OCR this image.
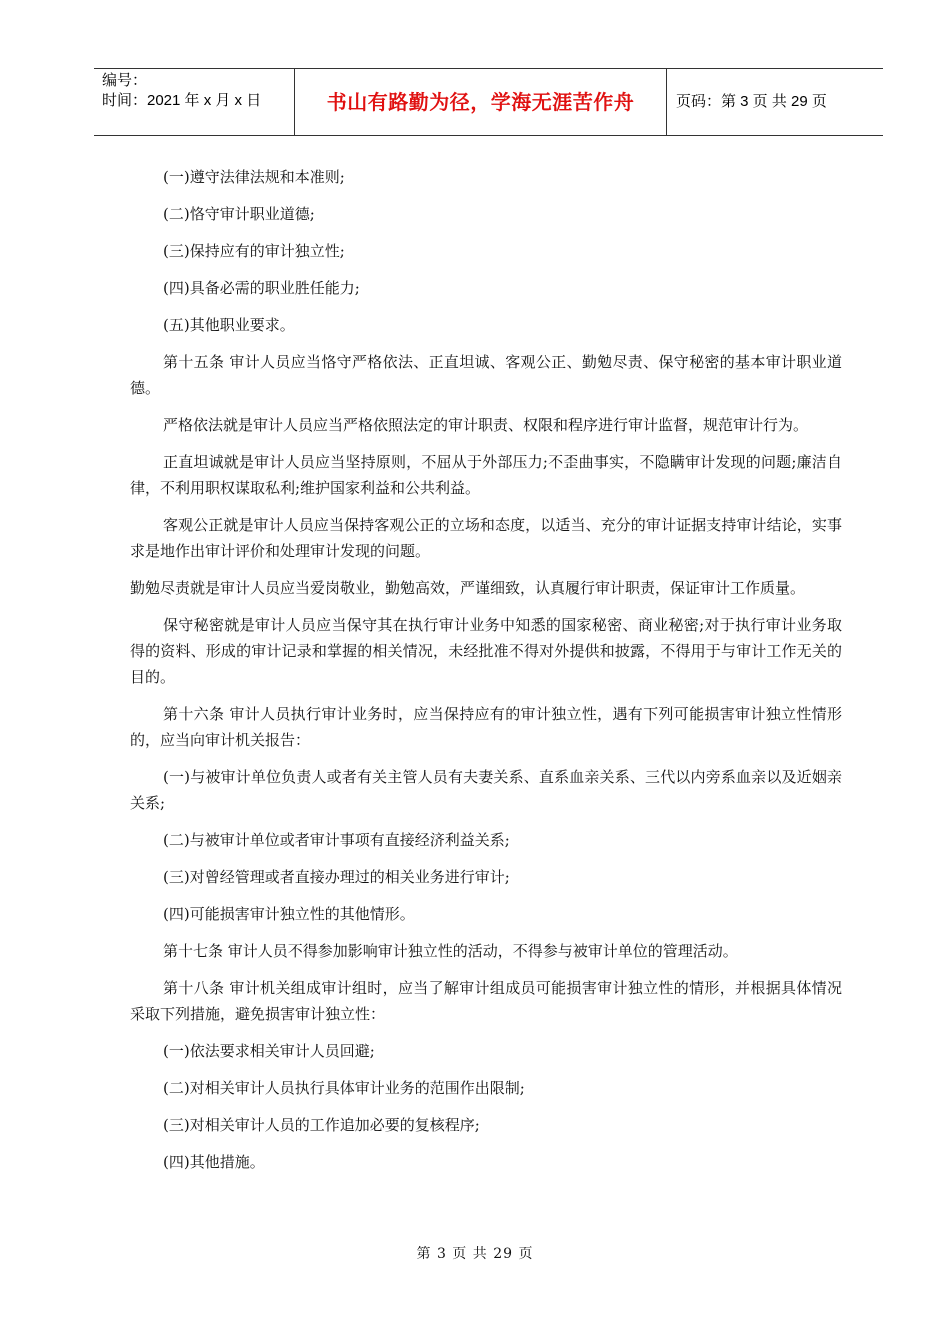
编号：
时间：2021 年 x 月 x 日	书山有路勤为径，学海无涯苦作舟	页码：第 3 页 共 29 页

(一)遵守法律法规和本准则;

(二)恪守审计职业道德;

(三)保持应有的审计独立性;

(四)具备必需的职业胜任能力;

(五)其他职业要求。

第十五条 审计人员应当恪守严格依法、正直坦诚、客观公正、勤勉尽责、保守秘密的基本审计职业道德。

严格依法就是审计人员应当严格依照法定的审计职责、权限和程序进行审计监督，规范审计行为。

正直坦诚就是审计人员应当坚持原则，不屈从于外部压力;不歪曲事实，不隐瞒审计发现的问题;廉洁自律，不利用职权谋取私利;维护国家利益和公共利益。

客观公正就是审计人员应当保持客观公正的立场和态度，以适当、充分的审计证据支持审计结论，实事求是地作出审计评价和处理审计发现的问题。

勤勉尽责就是审计人员应当爱岗敬业，勤勉高效，严谨细致，认真履行审计职责，保证审计工作质量。

保守秘密就是审计人员应当保守其在执行审计业务中知悉的国家秘密、商业秘密;对于执行审计业务取得的资料、形成的审计记录和掌握的相关情况，未经批准不得对外提供和披露，不得用于与审计工作无关的目的。

第十六条 审计人员执行审计业务时，应当保持应有的审计独立性，遇有下列可能损害审计独立性情形的，应当向审计机关报告：

(一)与被审计单位负责人或者有关主管人员有夫妻关系、直系血亲关系、三代以内旁系血亲以及近姻亲关系;

(二)与被审计单位或者审计事项有直接经济利益关系;

(三)对曾经管理或者直接办理过的相关业务进行审计;

(四)可能损害审计独立性的其他情形。

第十七条 审计人员不得参加影响审计独立性的活动，不得参与被审计单位的管理活动。

第十八条 审计机关组成审计组时，应当了解审计组成员可能损害审计独立性的情形，并根据具体情况采取下列措施，避免损害审计独立性：

(一)依法要求相关审计人员回避;

(二)对相关审计人员执行具体审计业务的范围作出限制;

(三)对相关审计人员的工作追加必要的复核程序;

(四)其他措施。

第 3 页 共 29 页
